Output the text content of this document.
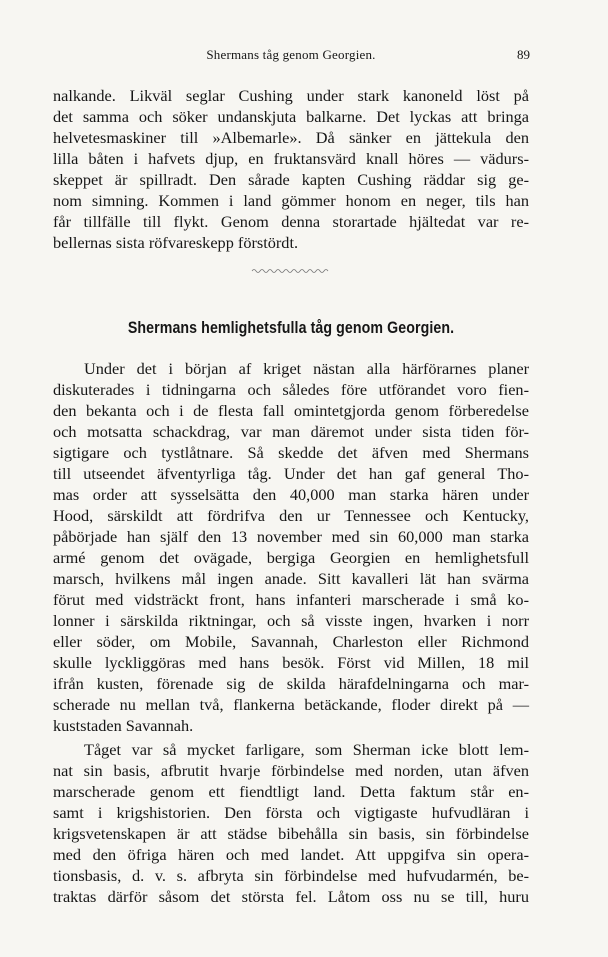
Shermans tåg genom Georgien.	89
nalkande. Likväl seglar Cushing under stark kanoneld löst på
det samma och söker undanskjuta balkarne. Det lyckas att bringa
helvetesmaskiner till »Albemarle». Då sänker en jättekula den
lilla båten i hafvets djup, en fruktansvärd knall höres — vädurs-
skeppet är spillradt. Den sårade kapten Cushing räddar sig ge-
nom simning. Kommen i land gömmer honom en neger, tils han
får tillfälle till flykt. Genom denna storartade hjältedat var re-
bellernas sista röfvareskepp förstördt.
Shermans hemlighetsfulla tåg genom Georgien.
Under det i början af kriget nästan alla härförarnes planer
diskuterades i tidningarna och således före utförandet voro fien-
den bekanta och i de flesta fall omintetgjorda genom förberedelse
och motsatta schackdrag, var man däremot under sista tiden för-
sigtigare och tystlåtnare. Så skedde det äfven med Shermans
till utseendet äfventyrliga tåg. Under det han gaf general Tho-
mas order att sysselsätta den 40,000 man starka hären under
Hood, särskildt att fördrifva den ur Tennessee och Kentucky,
påbörjade han själf den 13 november med sin 60,000 man starka
armé genom det ovägade, bergiga Georgien en hemlighetsfull
marsch, hvilkens mål ingen anade. Sitt kavalleri lät han svärma
förut med vidsträckt front, hans infanteri marscherade i små ko-
lonner i särskilda riktningar, och så visste ingen, hvarken i norr
eller söder, om Mobile, Savannah, Charleston eller Richmond
skulle lyckliggöras med hans besök. Först vid Millen, 18 mil
ifrån kusten, förenade sig de skilda härafdelningarna och mar-
scherade nu mellan två, flankerna betäckande, floder direkt på —
kuststaden Savannah.
Tåget var så mycket farligare, som Sherman icke blott lem-
nat sin basis, afbrutit hvarje förbindelse med norden, utan äfven
marscherade genom ett fiendtligt land. Detta faktum står en-
samt i krigshistorien. Den första och vigtigaste hufvudläran i
krigsvetenskapen är att städse bibehålla sin basis, sin förbindelse
med den öfriga hären och med landet. Att uppgifva sin opera-
tionsbasis, d. v. s. afbryta sin förbindelse med hufvudarmén, be-
traktas därför såsom det största fel. Låtom oss nu se till, huru
